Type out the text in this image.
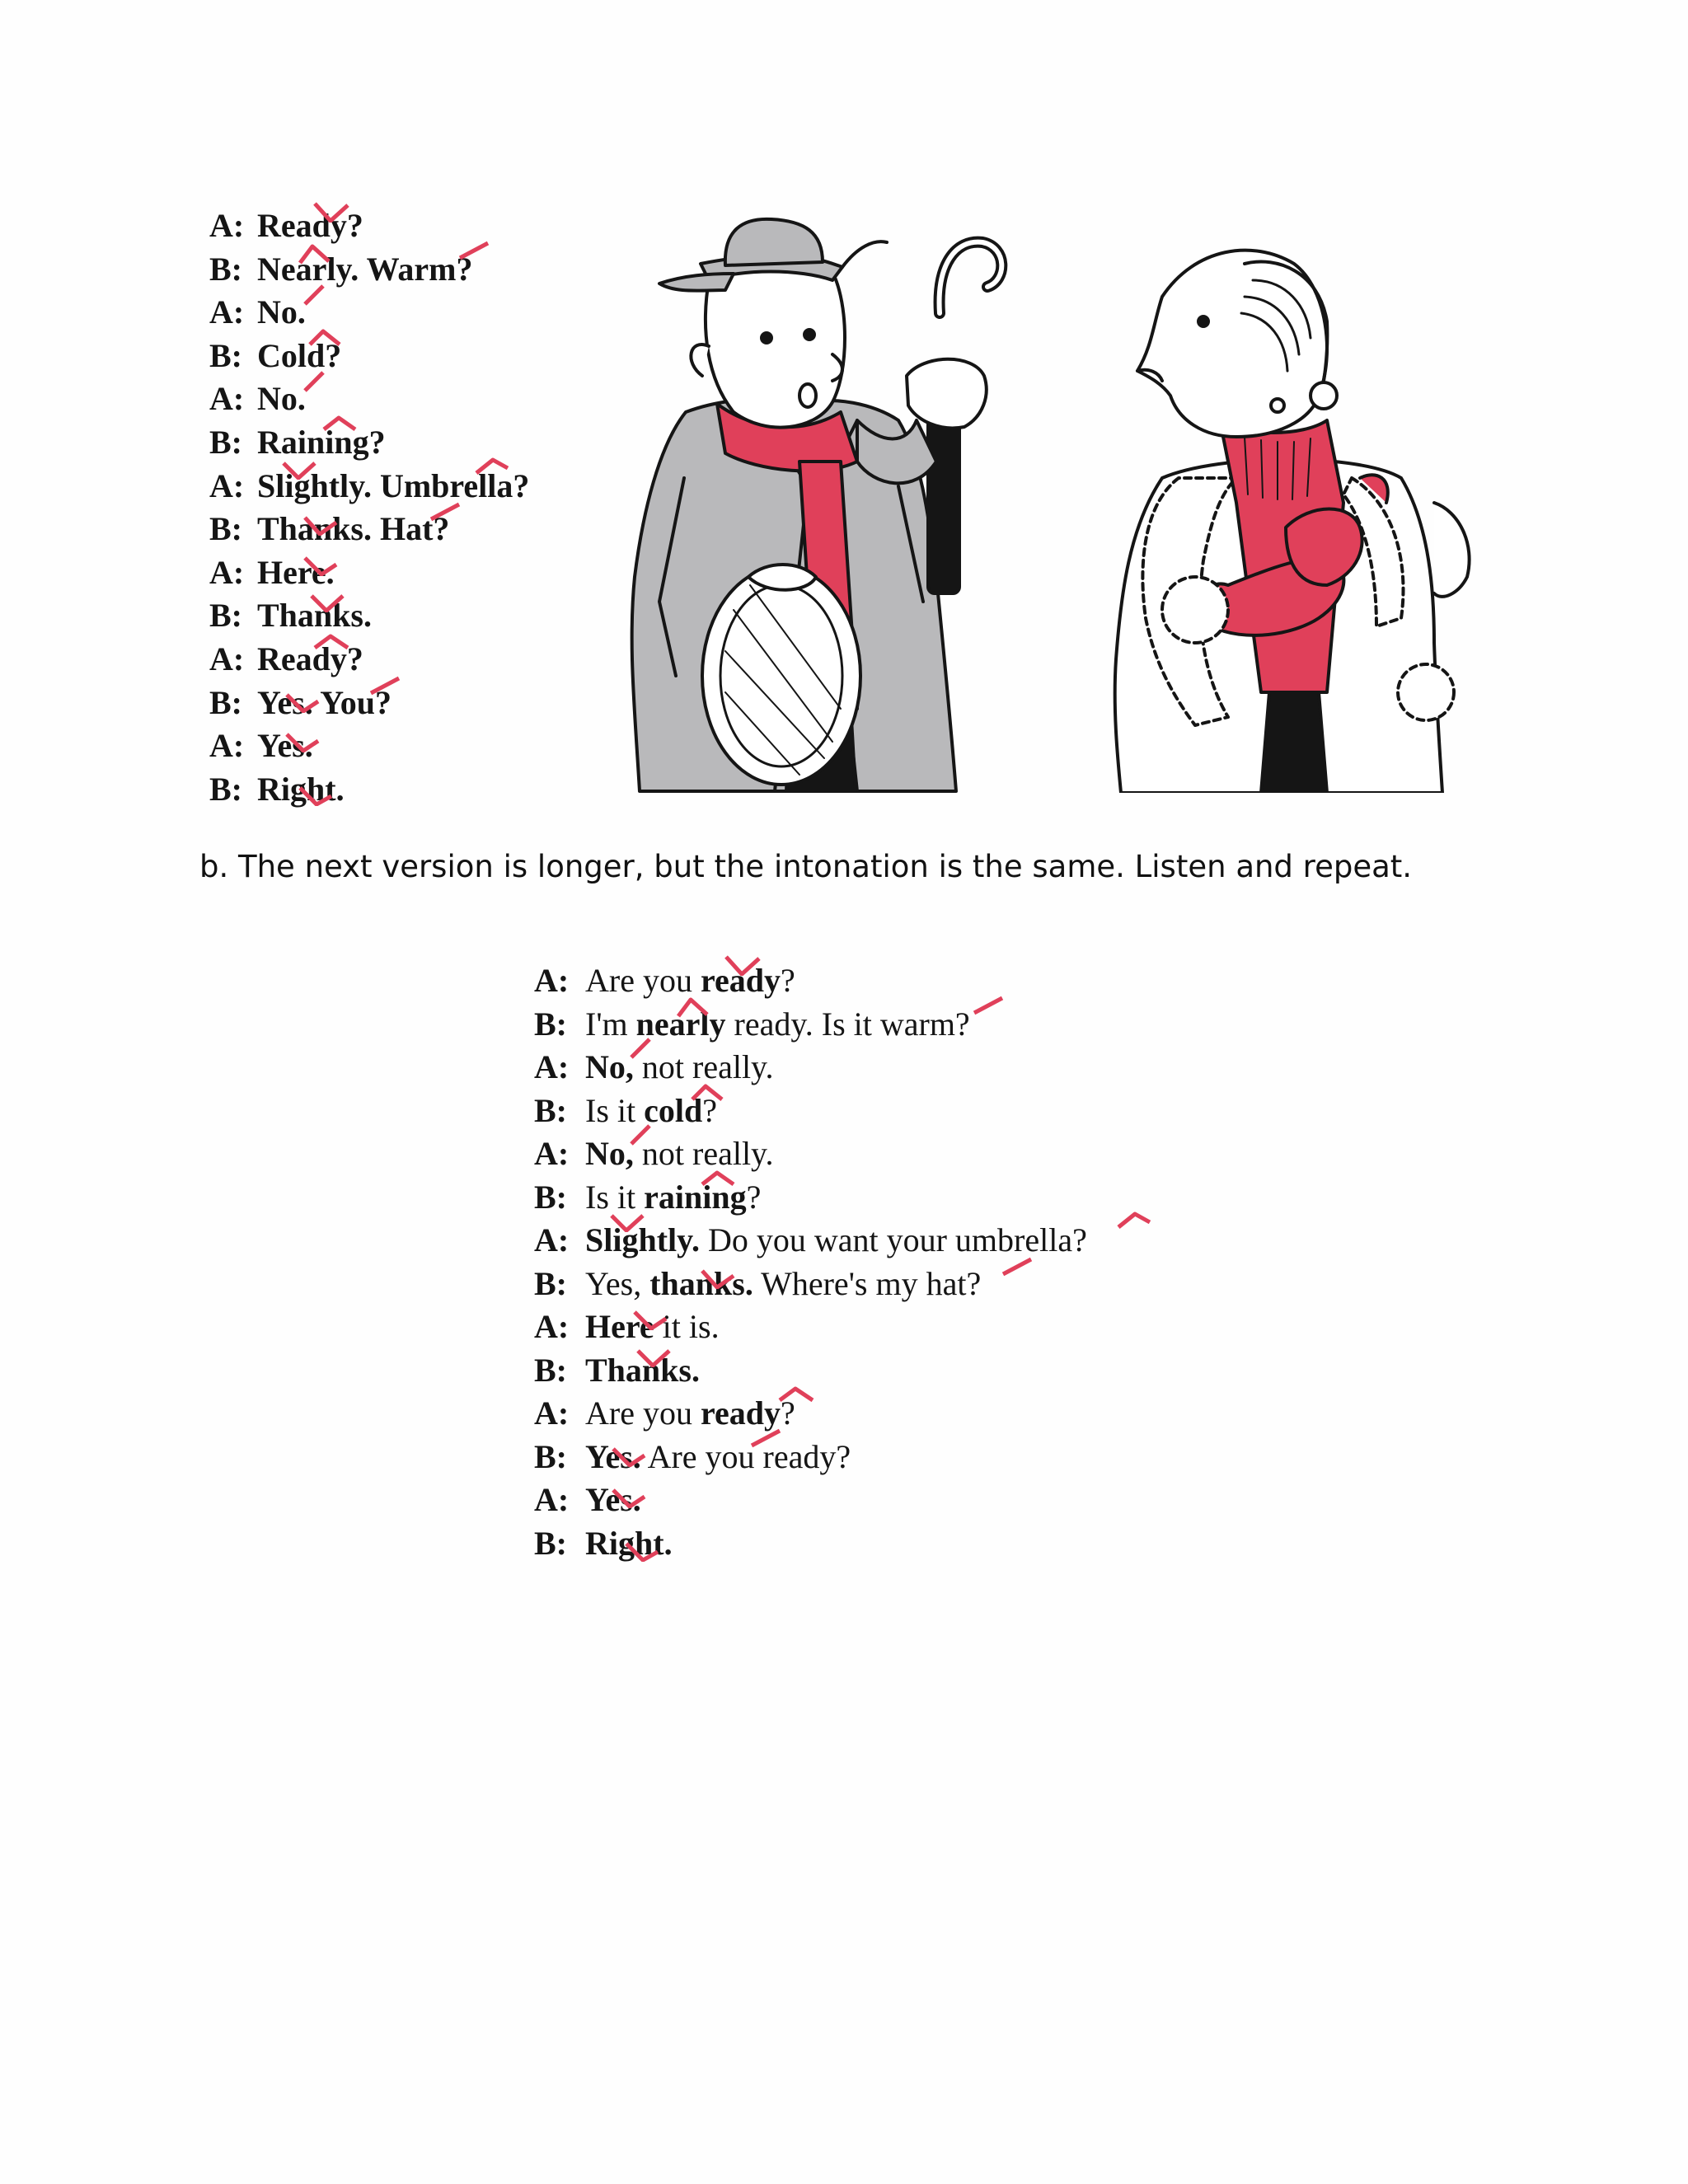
A: Ready?
B: Nearly. Warm?
A: No.
B: Cold?
A: No.
B: Raining?
A: Slightly. Umbrella?
B: Thanks. Hat?
A: Here.
B: Thanks.
A: Ready?
B: Yes. You?
A: Yes.
B: Right.
b. The next version is longer, but the intonation is the same. Listen and repeat.
A: Are you ready?
B: I'm nearly ready. Is it warm?
A: No, not really.
B: Is it cold?
A: No, not really.
B: Is it raining?
A: Slightly. Do you want your umbrella?
B: Yes, thanks. Where's my hat?
A: Here it is.
B: Thanks.
A: Are you ready?
B: Yes. Are you ready?
A: Yes.
B: Right.
